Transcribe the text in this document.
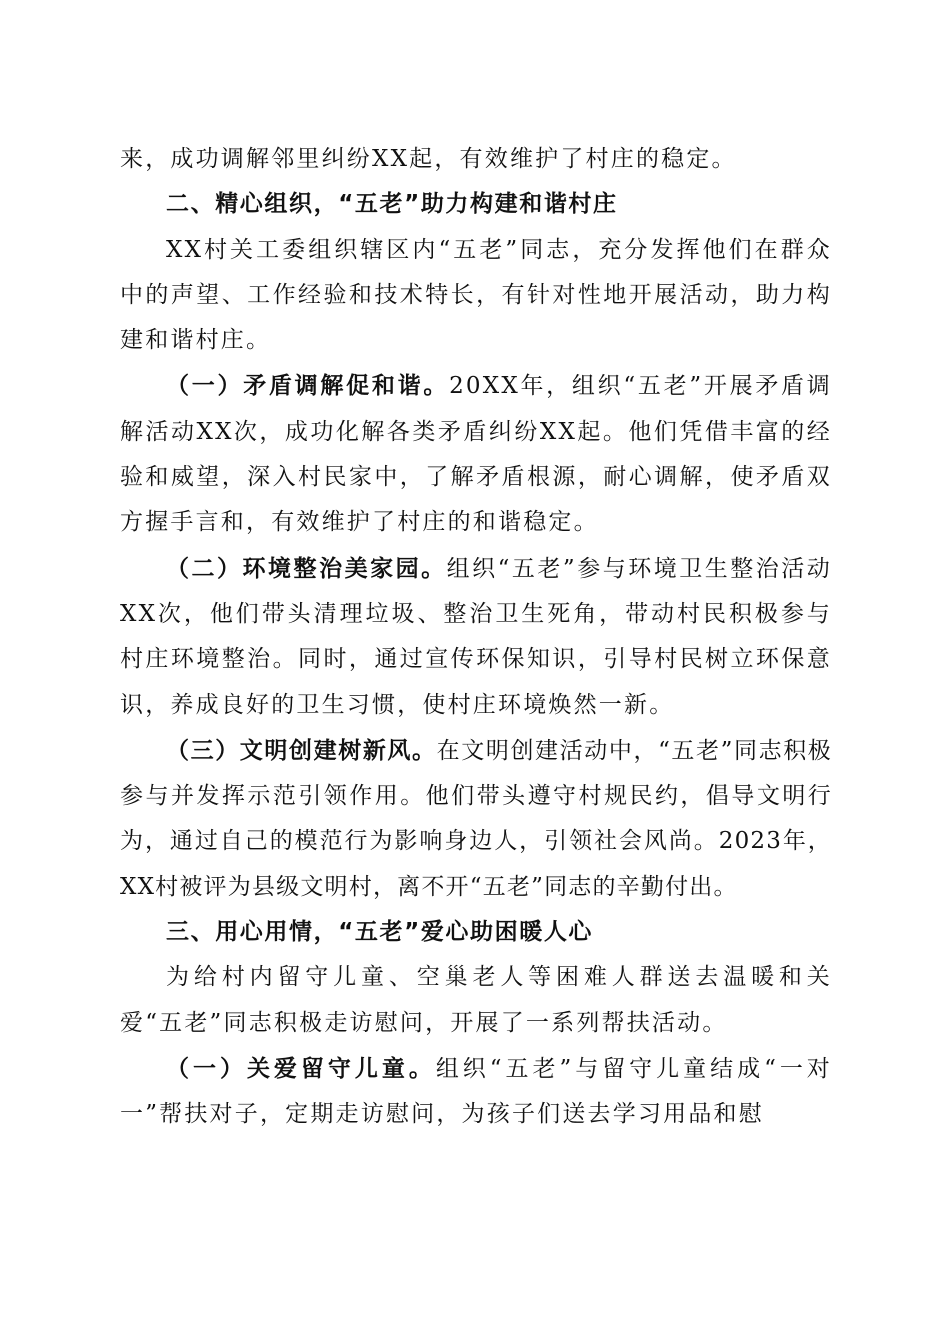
来，成功调解邻里纠纷XX起，有效维护了村庄的稳定。

二、精心组织，“五老”助力构建和谐村庄

XX村关工委组织辖区内“五老”同志，充分发挥他们在群众中的声望、工作经验和技术特长，有针对性地开展活动，助力构建和谐村庄。

（一）矛盾调解促和谐。20XX年，组织“五老”开展矛盾调解活动XX次，成功化解各类矛盾纠纷XX起。他们凭借丰富的经验和威望，深入村民家中，了解矛盾根源，耐心调解，使矛盾双方握手言和，有效维护了村庄的和谐稳定。

（二）环境整治美家园。组织“五老”参与环境卫生整治活动XX次，他们带头清理垃圾、整治卫生死角，带动村民积极参与村庄环境整治。同时，通过宣传环保知识，引导村民树立环保意识，养成良好的卫生习惯，使村庄环境焕然一新。

（三）文明创建树新风。在文明创建活动中，“五老”同志积极参与并发挥示范引领作用。他们带头遵守村规民约，倡导文明行为，通过自己的模范行为影响身边人，引领社会风尚。2023年，XX村被评为县级文明村，离不开“五老”同志的辛勤付出。

三、用心用情，“五老”爱心助困暖人心

为给村内留守儿童、空巢老人等困难人群送去温暖和关爱“五老”同志积极走访慰问，开展了一系列帮扶活动。

（一）关爱留守儿童。组织“五老”与留守儿童结成“一对一”帮扶对子，定期走访慰问，为孩子们送去学习用品和慰
